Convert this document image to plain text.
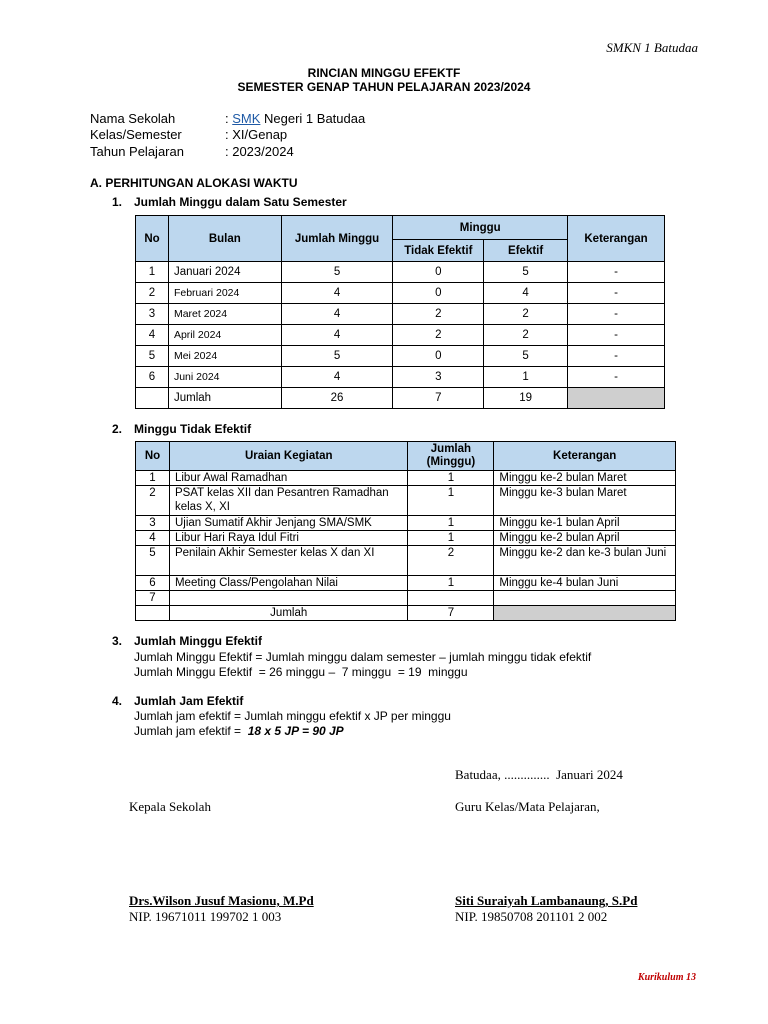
SMKN 1 Batudaa
RINCIAN MINGGU EFEKTF
SEMESTER GENAP TAHUN PELAJARAN 2023/2024
Nama Sekolah	: SMK Negeri 1 Batudaa
Kelas/Semester	: XI/Genap
Tahun Pelajaran	: 2023/2024
A. PERHITUNGAN ALOKASI WAKTU
1. Jumlah Minggu dalam Satu Semester
No	Bulan	Jumlah Minggu	Minggu		Keterangan
			Tidak Efektif	Efektif	
1	Januari 2024	5	0	5	-
2	Februari 2024	4	0	4	-
3	Maret 2024	4	2	2	-
4	April 2024	4	2	2	-
5	Mei 2024	5	0	5	-
6	Juni 2024	4	3	1	-
	Jumlah	26	7	19	
2. Minggu Tidak Efektif
No	Uraian Kegiatan	Jumlah (Minggu)	Keterangan
1	Libur Awal Ramadhan	1	Minggu ke-2 bulan Maret
2	PSAT kelas XII dan Pesantren Ramadhan kelas X, XI	1	Minggu ke-3 bulan Maret
3	Ujian Sumatif Akhir Jenjang SMA/SMK	1	Minggu ke-1 bulan April
4	Libur Hari Raya Idul Fitri	1	Minggu ke-2 bulan April
5	Penilain Akhir Semester kelas X dan XI	2	Minggu ke-2 dan ke-3 bulan Juni
6	Meeting Class/Pengolahan Nilai	1	Minggu ke-4 bulan Juni
7			
	Jumlah	7	
3. Jumlah Minggu Efektif
Jumlah Minggu Efektif = Jumlah minggu dalam semester – jumlah minggu tidak efektif
Jumlah Minggu Efektif  = 26 minggu –  7 minggu  = 19  minggu
4. Jumlah Jam Efektif
Jumlah jam efektif = Jumlah minggu efektif x JP per minggu
Jumlah jam efektif =  18 x 5 JP = 90 JP
Batudaa, ..............  Januari 2024
Kepala Sekolah	Guru Kelas/Mata Pelajaran,
Drs.Wilson Jusuf Masionu, M.Pd
NIP. 19671011 199702 1 003
Siti Suraiyah Lambanaung, S.Pd
NIP. 19850708 201101 2 002
Kurikulum 13
